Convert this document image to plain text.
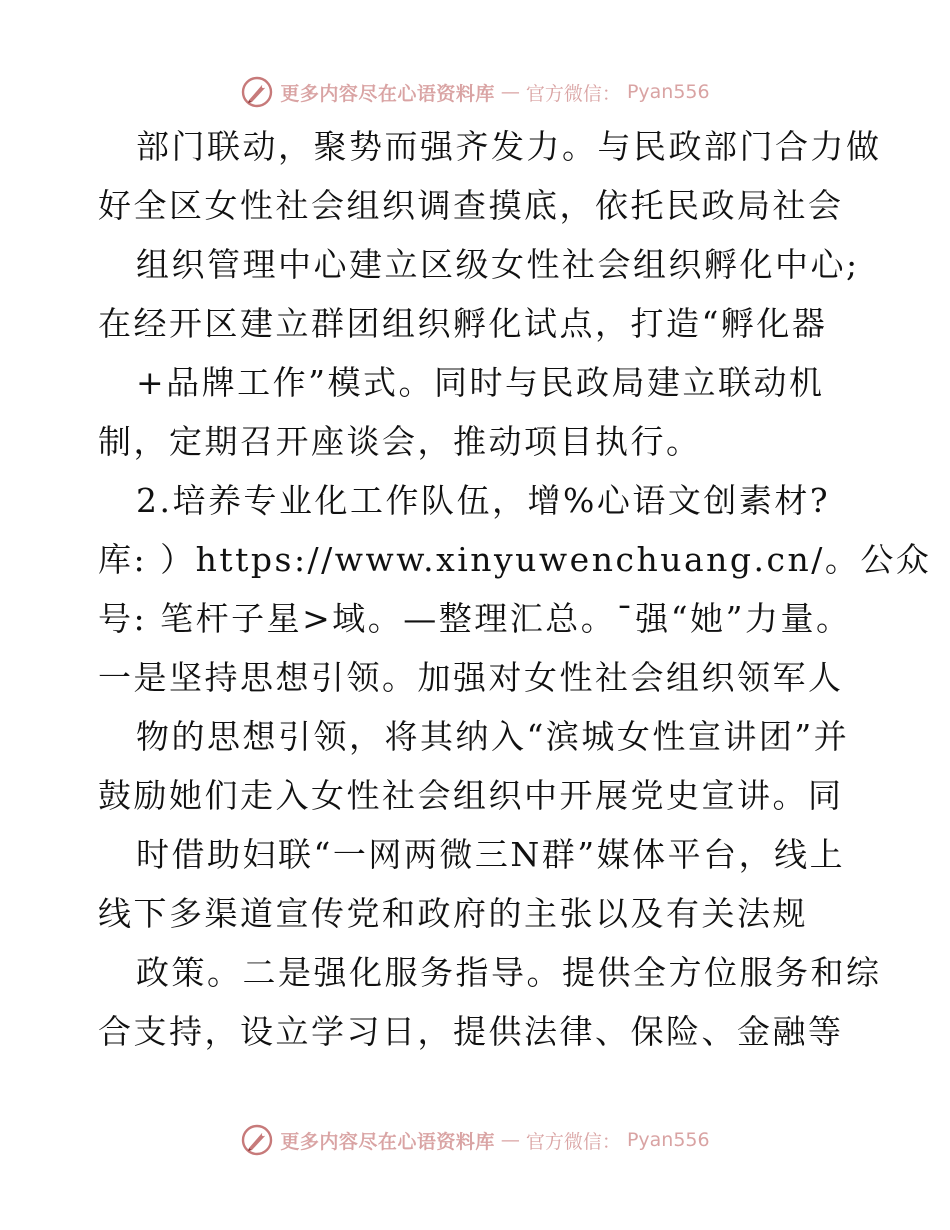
更多内容尽在心语资料库 — 官方微信： Pyan556
部门联动，聚势而强齐发力。与民政部门合力做
好全区女性社会组织调查摸底，依托民政局社会
组织管理中心建立区级女性社会组织孵化中心;
在经开区建立群团组织孵化试点，打造“孵化器
+品牌工作”模式。同时与民政局建立联动机
制，定期召开座谈会，推动项目执行。
2.培养专业化工作队伍，增%心语文创素材?
库: ）https://www.xinyuwenchuang.cn/。公众
号: 笔杆子星>域。—整理汇总。¯强“她”力量。
一是坚持思想引领。加强对女性社会组织领军人
物的思想引领，将其纳入“滨城女性宣讲团”并
鼓励她们走入女性社会组织中开展党史宣讲。同
时借助妇联“一网两微三N群”媒体平台，线上
线下多渠道宣传党和政府的主张以及有关法规
政策。二是强化服务指导。提供全方位服务和综
合支持，设立学习日，提供法律、保险、金融等
更多内容尽在心语资料库 — 官方微信： Pyan556
